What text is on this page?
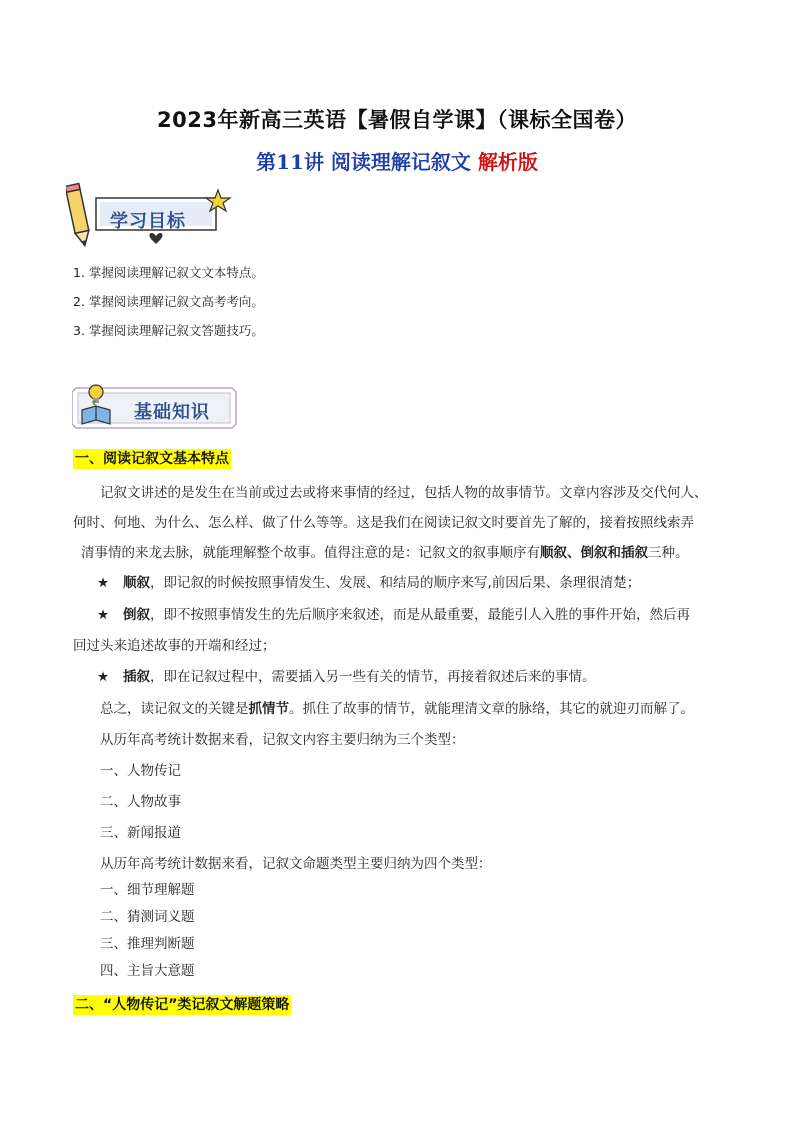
2023年新高三英语【暑假自学课】（课标全国卷）
第11讲 阅读理解记叙文 解析版
学习目标
1. 掌握阅读理解记叙文文本特点。
2. 掌握阅读理解记叙文高考考向。
3. 掌握阅读理解记叙文答题技巧。
基础知识
一、阅读记叙文基本特点
记叙文讲述的是发生在当前或过去或将来事情的经过，包括人物的故事情节。文章内容涉及交代何人、
何时、何地、为什么、怎么样、做了什么等等。这是我们在阅读记叙文时要首先了解的，接着按照线索弄
清事情的来龙去脉，就能理解整个故事。值得注意的是：记叙文的叙事顺序有顺叙、倒叙和插叙三种。
★ 顺叙，即记叙的时候按照事情发生、发展、和结局的顺序来写,前因后果、条理很清楚；
★ 倒叙，即不按照事情发生的先后顺序来叙述，而是从最重要，最能引人入胜的事件开始，然后再
回过头来追述故事的开端和经过；
★ 插叙，即在记叙过程中，需要插入另一些有关的情节，再接着叙述后来的事情。
总之，读记叙文的关键是抓情节。抓住了故事的情节，就能理清文章的脉络，其它的就迎刃而解了。
从历年高考统计数据来看，记叙文内容主要归纳为三个类型：
一、人物传记
二、人物故事
三、新闻报道
从历年高考统计数据来看，记叙文命题类型主要归纳为四个类型：
一、细节理解题
二、猜测词义题
三、推理判断题
四、主旨大意题
二、“人物传记”类记叙文解题策略
